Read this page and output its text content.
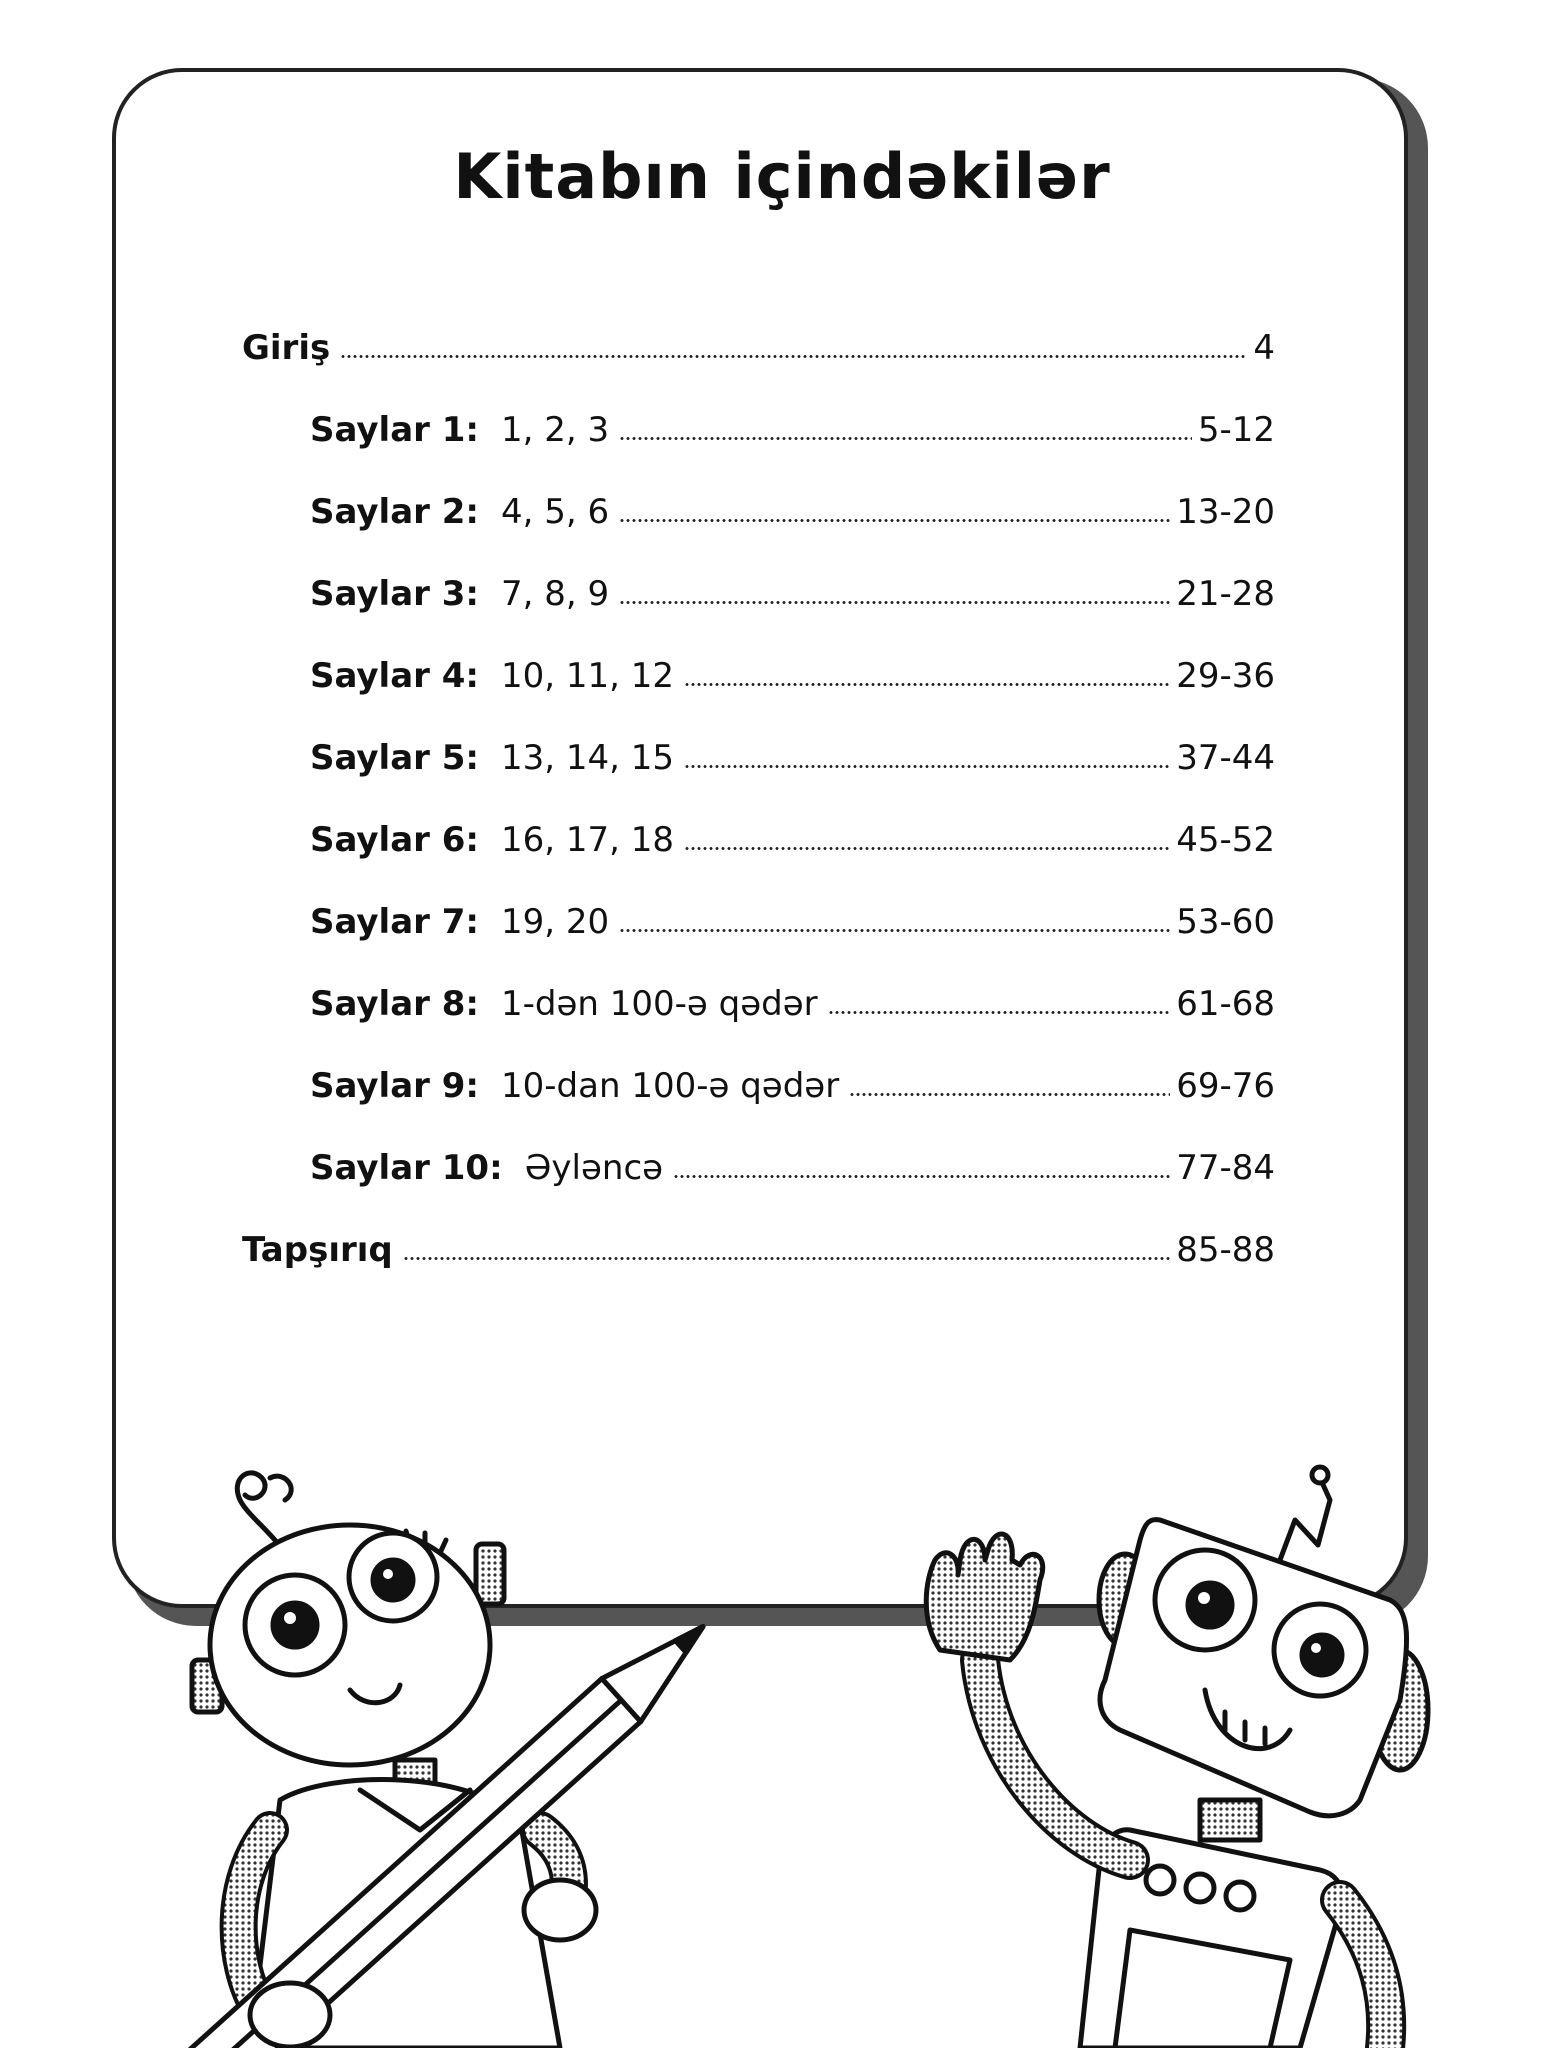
Kitabın içindəkilər
Giriş	4
Saylar 1: 1, 2, 3	5-12
Saylar 2: 4, 5, 6	13-20
Saylar 3: 7, 8, 9	21-28
Saylar 4: 10, 11, 12	29-36
Saylar 5: 13, 14, 15	37-44
Saylar 6: 16, 17, 18	45-52
Saylar 7: 19, 20	53-60
Saylar 8: 1-dən 100-ə qədər	61-68
Saylar 9: 10-dan 100-ə qədər	69-76
Saylar 10: Əyləncə	77-84
Tapşırıq	85-88
